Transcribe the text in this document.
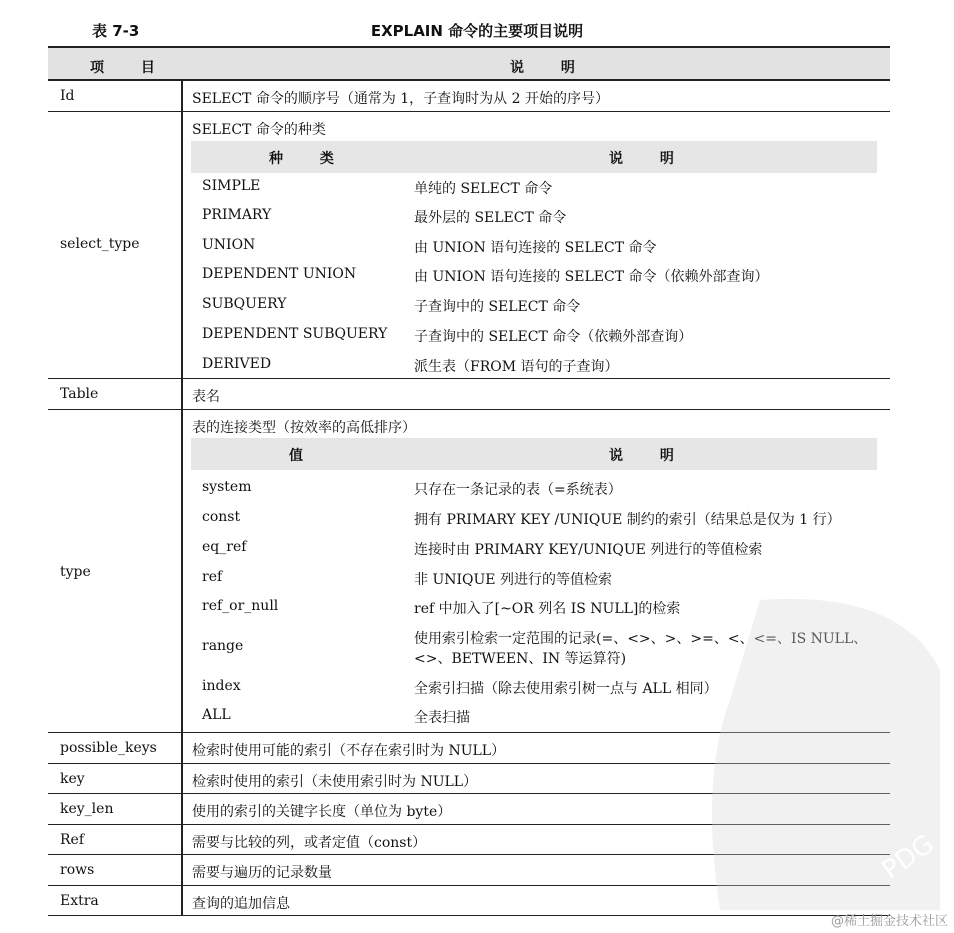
表 7-3	EXPLAIN 命令的主要项目说明
项 目	说 明
Id	SELECT 命令的顺序号（通常为 1，子查询时为从 2 开始的序号）
select_type
SELECT 命令的种类
种 类	说 明
SIMPLE	单纯的 SELECT 命令
PRIMARY	最外层的 SELECT 命令
UNION	由 UNION 语句连接的 SELECT 命令
DEPENDENT UNION	由 UNION 语句连接的 SELECT 命令（依赖外部查询）
SUBQUERY	子查询中的 SELECT 命令
DEPENDENT SUBQUERY 子查询中的 SELECT 命令（依赖外部查询）
DERIVED	派生表（FROM 语句的子查询）
Table	表名
type
表的连接类型（按效率的高低排序）
值	说 明
system	只存在一条记录的表（=系统表）
const	拥有 PRIMARY KEY /UNIQUE 制约的索引（结果总是仅为 1 行）
eq_ref	连接时由 PRIMARY KEY/UNIQUE 列进行的等值检索
ref	非 UNIQUE 列进行的等值检索
ref_or_null	ref 中加入了[~OR 列名 IS NULL]的检索
range	使用索引检索一定范围的记录(=、<>、>、>=、<、<=、IS NULL、
<>、BETWEEN、IN 等运算符)
index	全索引扫描（除去使用索引树一点与 ALL 相同）
ALL	全表扫描
possible_keys	检索时使用可能的索引（不存在索引时为 NULL）
key	检索时使用的索引（未使用索引时为 NULL）
key_len	使用的索引的关键字长度（单位为 byte）
Ref	需要与比较的列，或者定值（const）
rows	需要与遍历的记录数量
Extra	查询的追加信息
PDG
@稀土掘金技术社区
